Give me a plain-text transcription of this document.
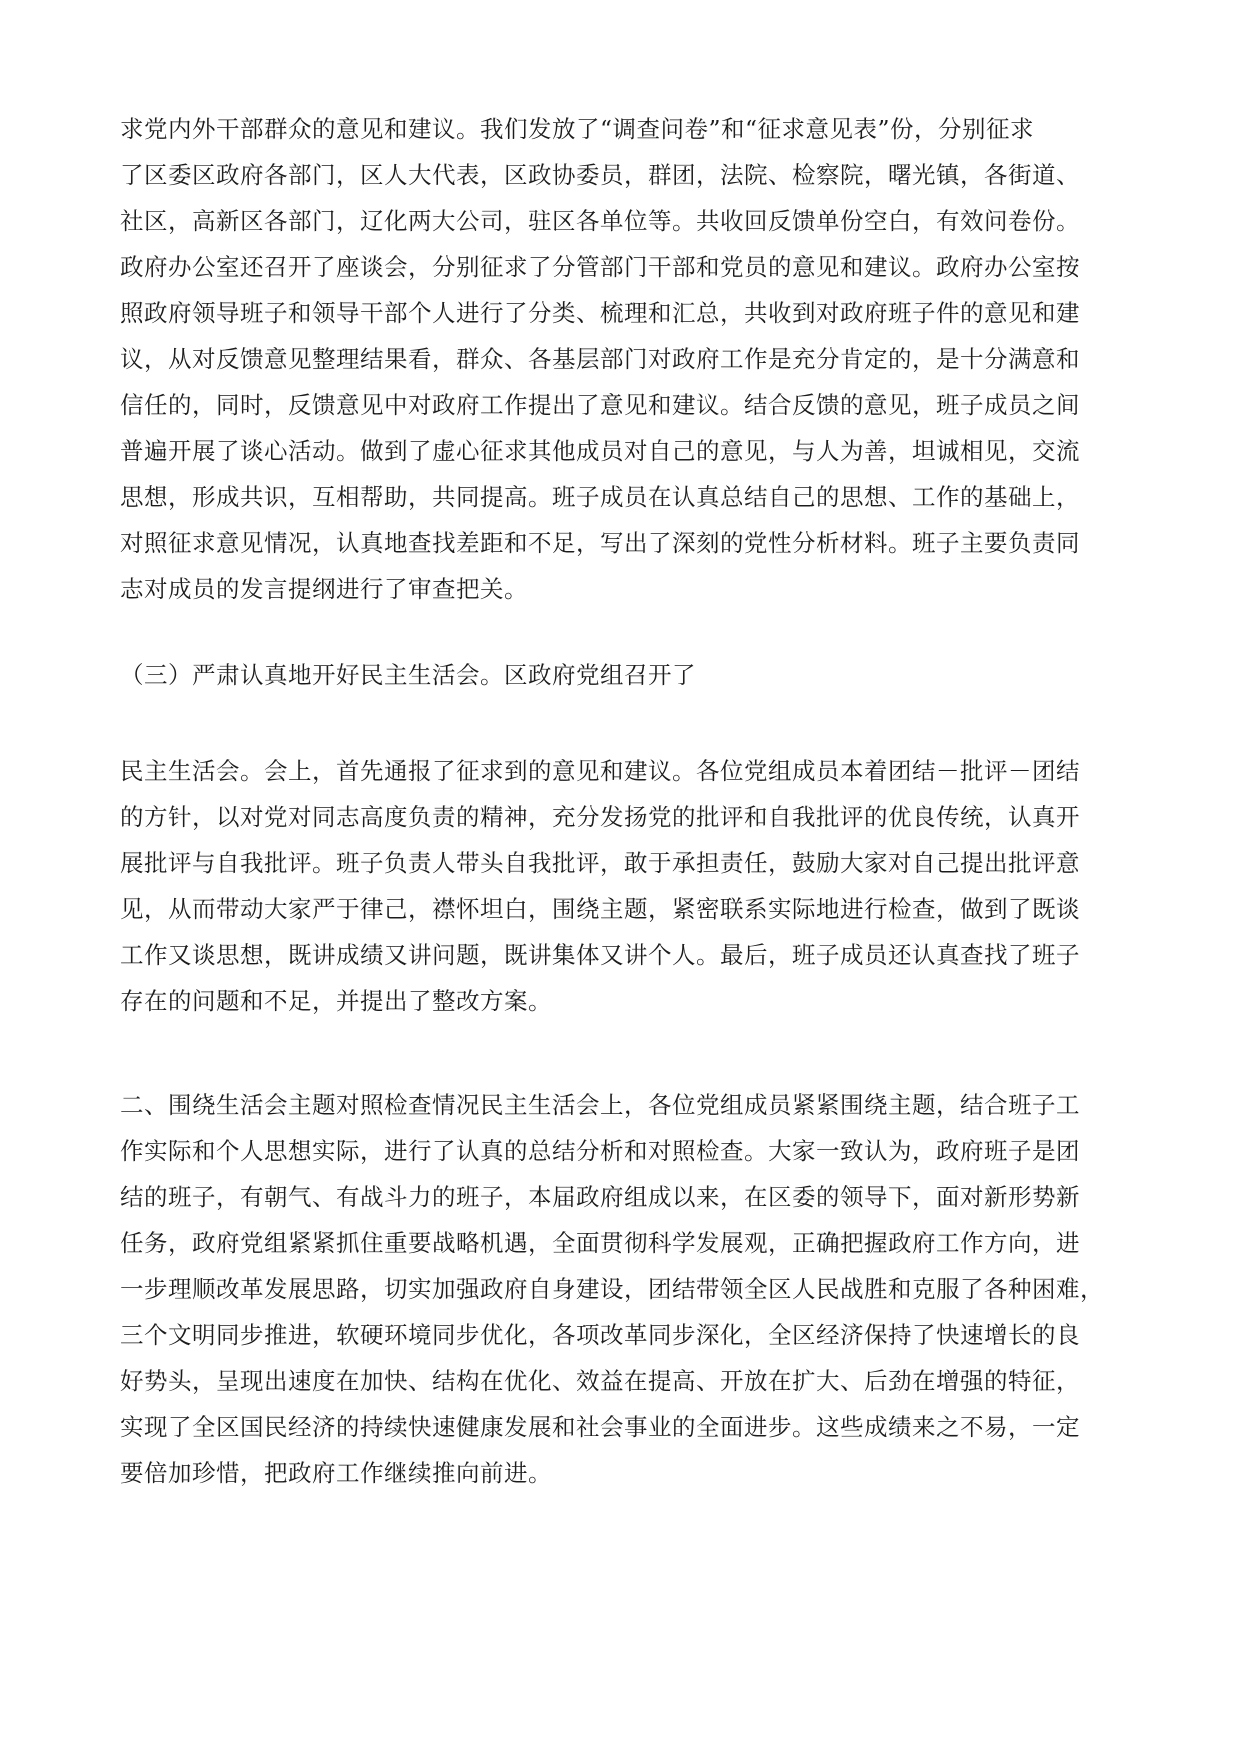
求党内外干部群众的意见和建议。我们发放了“调查问卷”和“征求意见表”份，分别征求

了区委区政府各部门，区人大代表，区政协委员，群团，法院、检察院，曙光镇，各街道、

社区，高新区各部门，辽化两大公司，驻区各单位等。共收回反馈单份空白，有效问卷份。

政府办公室还召开了座谈会，分别征求了分管部门干部和党员的意见和建议。政府办公室按

照政府领导班子和领导干部个人进行了分类、梳理和汇总，共收到对政府班子件的意见和建

议，从对反馈意见整理结果看，群众、各基层部门对政府工作是充分肯定的，是十分满意和

信任的，同时，反馈意见中对政府工作提出了意见和建议。结合反馈的意见，班子成员之间

普遍开展了谈心活动。做到了虚心征求其他成员对自己的意见，与人为善，坦诚相见，交流

思想，形成共识，互相帮助，共同提高。班子成员在认真总结自己的思想、工作的基础上，

对照征求意见情况，认真地查找差距和不足，写出了深刻的党性分析材料。班子主要负责同

志对成员的发言提纲进行了审查把关。

（三）严肃认真地开好民主生活会。区政府党组召开了

民主生活会。会上，首先通报了征求到的意见和建议。各位党组成员本着团结－批评－团结

的方针，以对党对同志高度负责的精神，充分发扬党的批评和自我批评的优良传统，认真开

展批评与自我批评。班子负责人带头自我批评，敢于承担责任，鼓励大家对自己提出批评意

见，从而带动大家严于律己，襟怀坦白，围绕主题，紧密联系实际地进行检查，做到了既谈

工作又谈思想，既讲成绩又讲问题，既讲集体又讲个人。最后，班子成员还认真查找了班子

存在的问题和不足，并提出了整改方案。

二、围绕生活会主题对照检查情况民主生活会上，各位党组成员紧紧围绕主题，结合班子工

作实际和个人思想实际，进行了认真的总结分析和对照检查。大家一致认为，政府班子是团

结的班子，有朝气、有战斗力的班子，本届政府组成以来，在区委的领导下，面对新形势新

任务，政府党组紧紧抓住重要战略机遇，全面贯彻科学发展观，正确把握政府工作方向，进

一步理顺改革发展思路，切实加强政府自身建设，团结带领全区人民战胜和克服了各种困难，

三个文明同步推进，软硬环境同步优化，各项改革同步深化，全区经济保持了快速增长的良

好势头，呈现出速度在加快、结构在优化、效益在提高、开放在扩大、后劲在增强的特征，

实现了全区国民经济的持续快速健康发展和社会事业的全面进步。这些成绩来之不易，一定

要倍加珍惜，把政府工作继续推向前进。
